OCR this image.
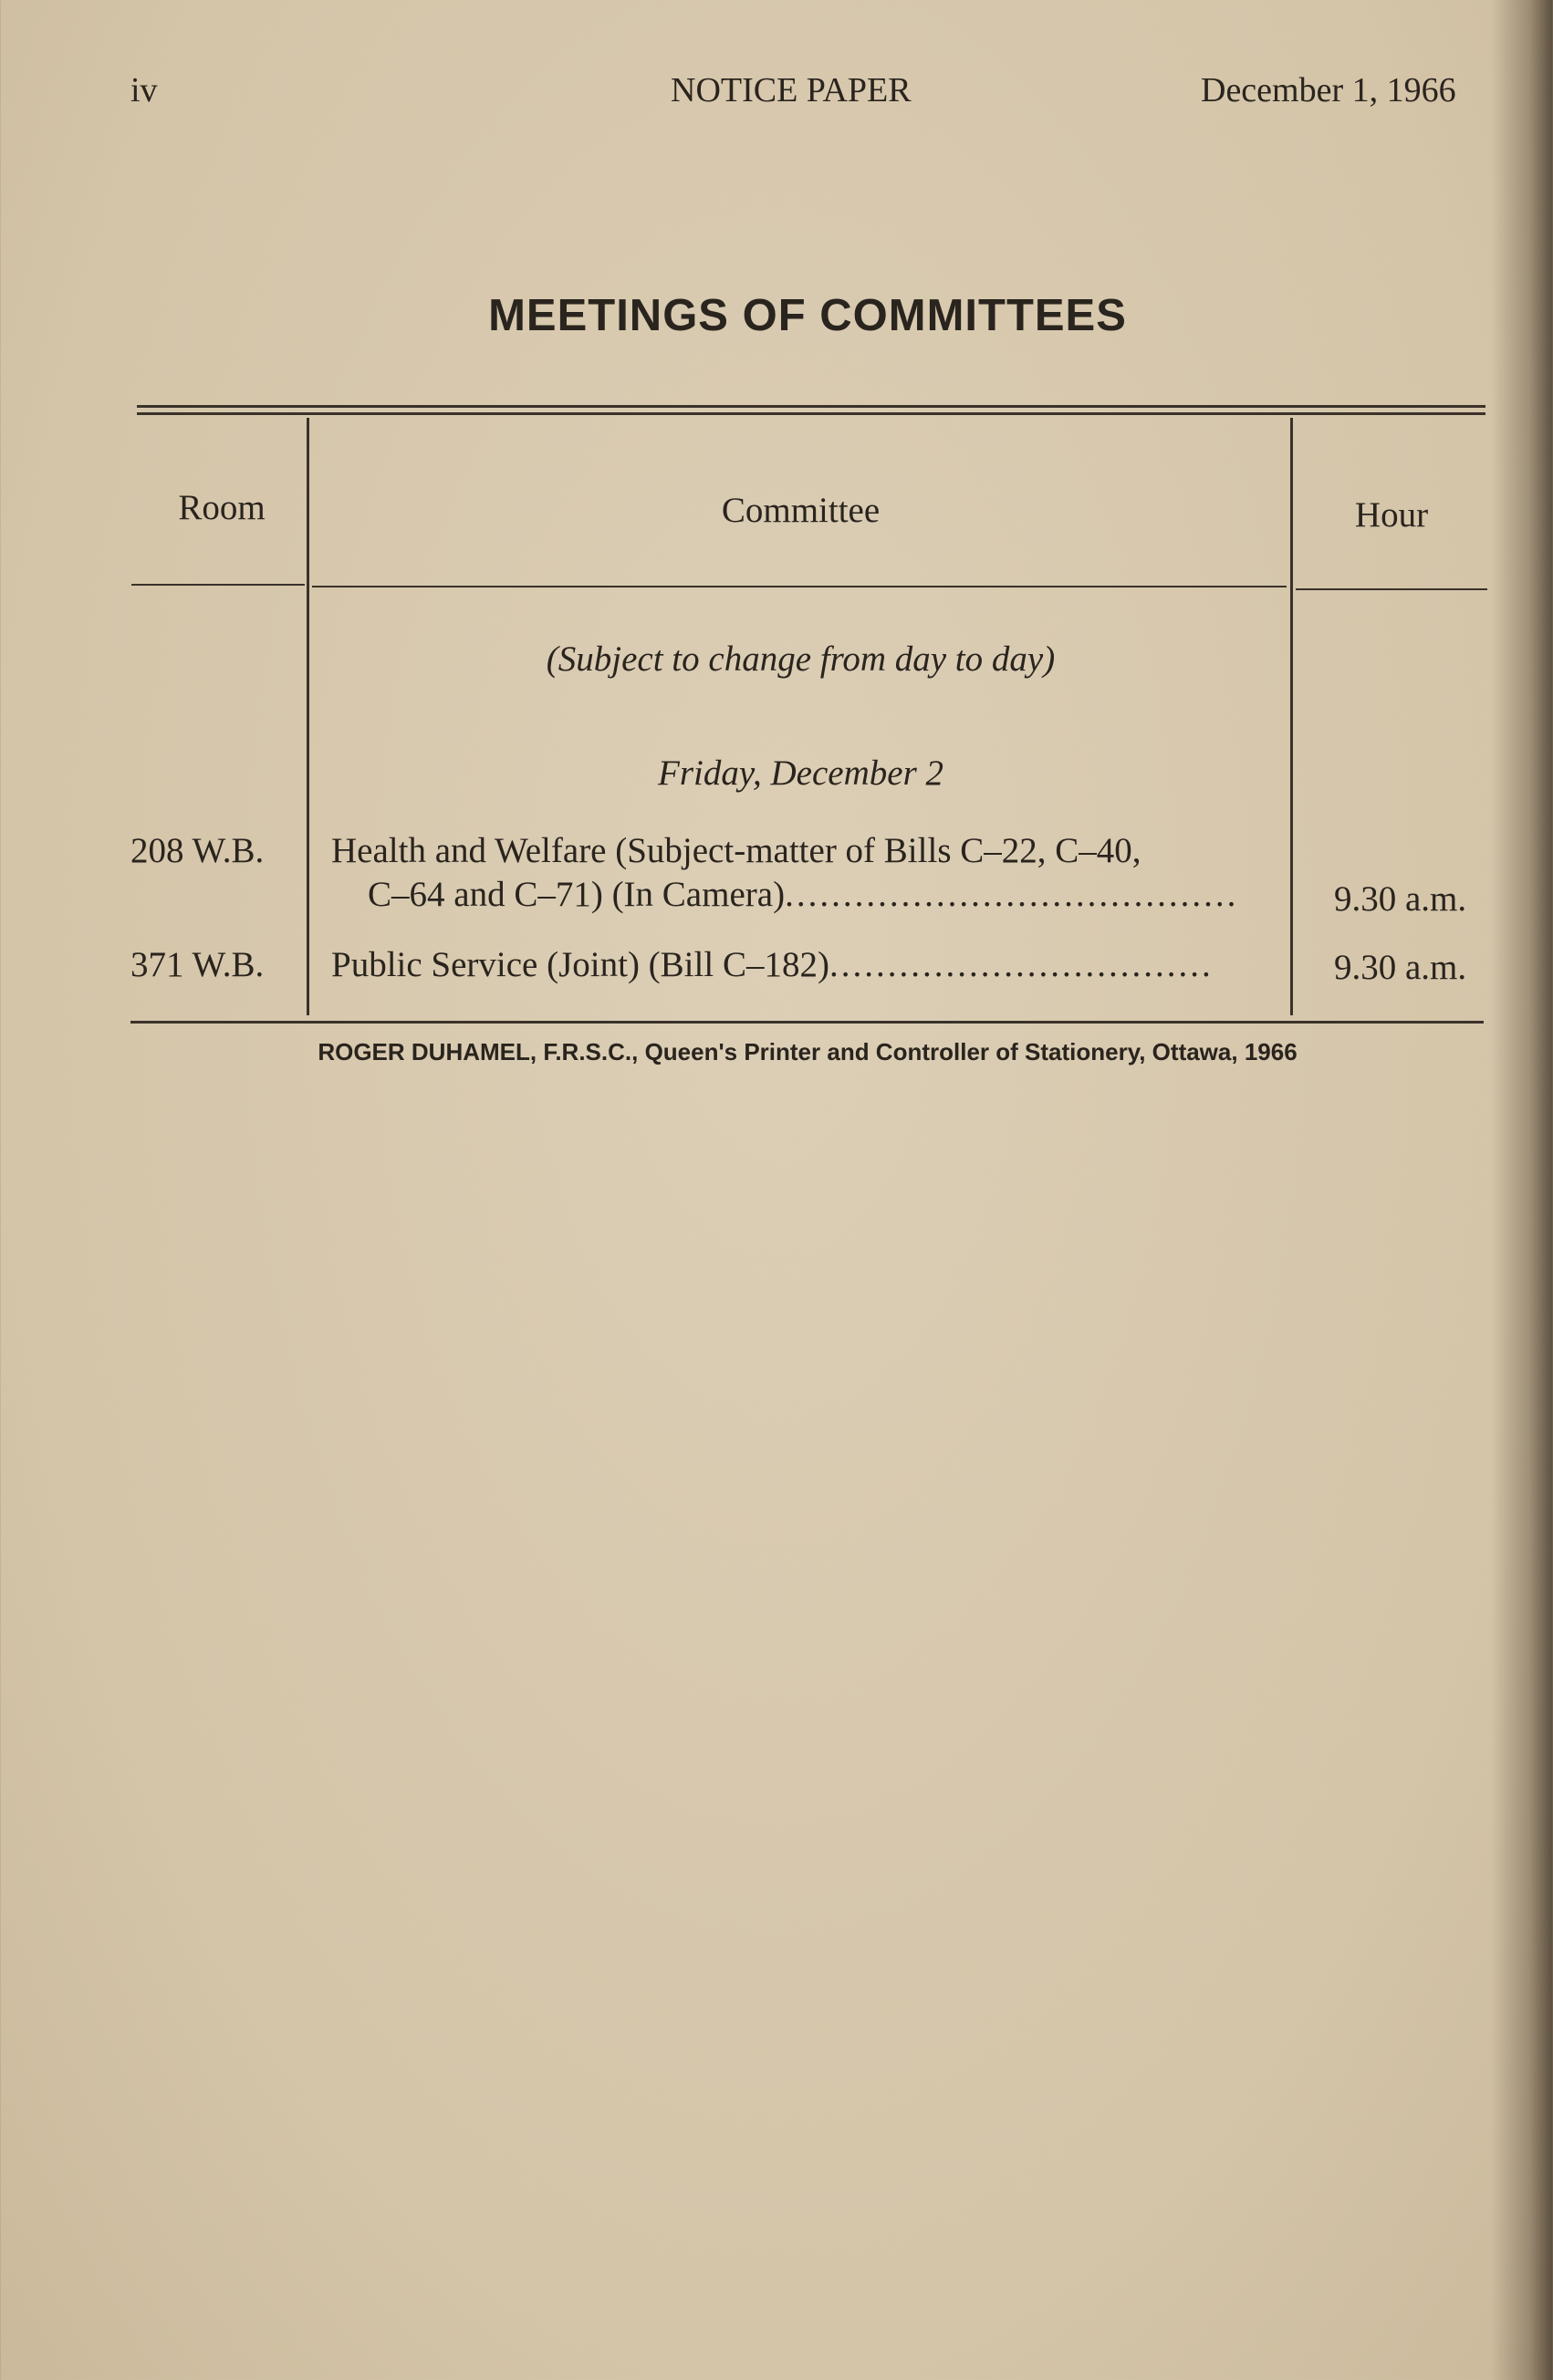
iv	NOTICE PAPER	December 1, 1966
MEETINGS OF COMMITTEES
Room	Committee	Hour
(Subject to change from day to day)
Friday, December 2
208 W.B. Health and Welfare (Subject-matter of Bills C–22, C–40,
C–64 and C–71) (In Camera).......................................	9.30 a.m.
371 W.B. Public Service (Joint) (Bill C–182).................................	9.30 a.m.
ROGER DUHAMEL, F.R.S.C., Queen's Printer and Controller of Stationery, Ottawa, 1966
